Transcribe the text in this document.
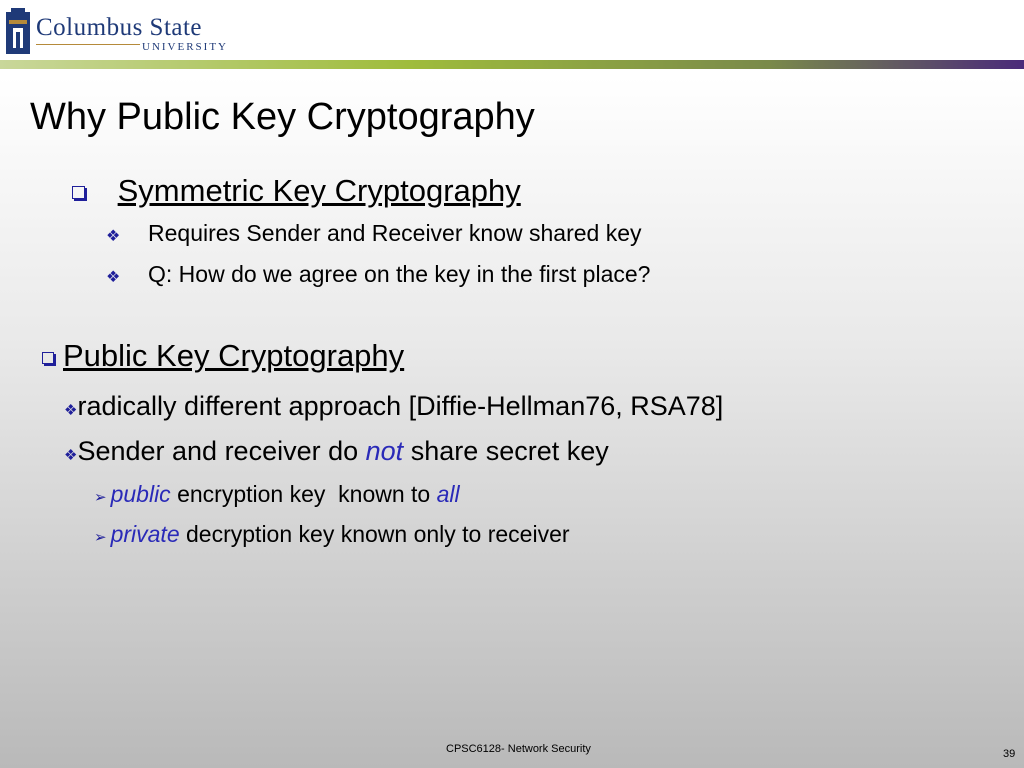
Columbus State
UNIVERSITY
Why Public Key Cryptography
Symmetric Key Cryptography
❖ Requires Sender and Receiver know shared key
❖ Q: How do we agree on the key in the first place?
Public Key Cryptography
❖radically different approach [Diffie-Hellman76, RSA78]
❖Sender and receiver do not share secret key
➢ public encryption key  known to all
➢ private decryption key known only to receiver
CPSC6128- Network Security	39
